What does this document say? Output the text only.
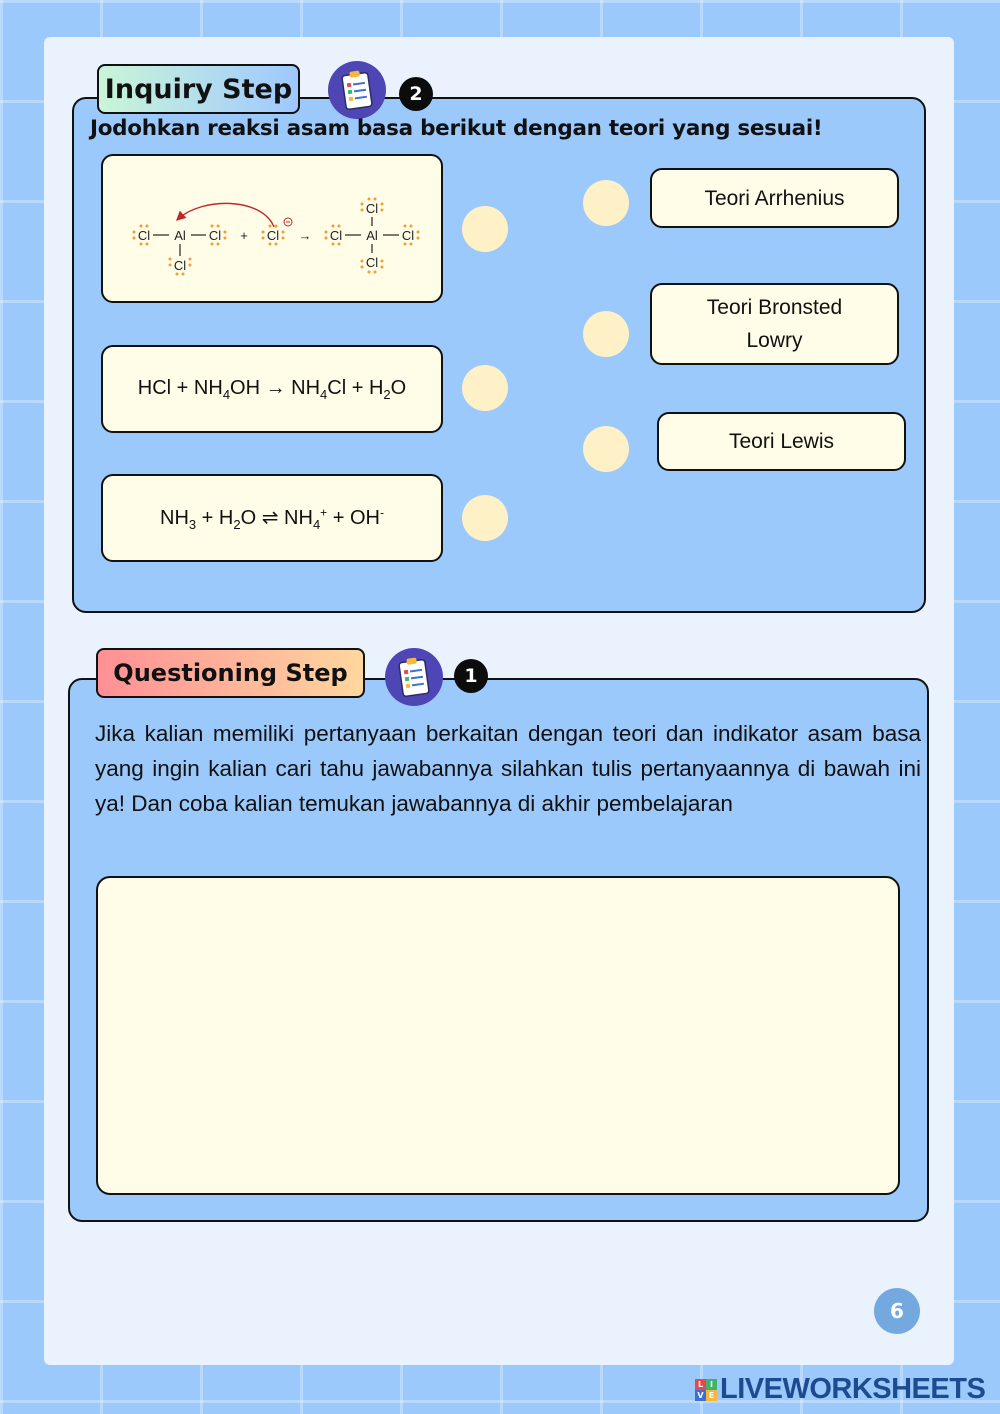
Inquiry Step	2

Jodohkan reaksi asam basa berikut dengan teori yang sesuai!

Cl Al Cl
Cl
+ Cl → Cl Al Cl
Cl
Cl
HCl + $NH_4OH \to NH_4Cl + H_2O$
$NH_3 + H_2O$ ⇌ $NH_4^+ + OH^-$
Teori Arrhenius
Teori Bronsted Lowry
Teori Lewis
Questioning Step	1

Jika kalian memiliki pertanyaan berkaitan dengan teori dan indikator asam basa yang ingin kalian cari tahu jawabannya silahkan tulis pertanyaannya di bawah ini ya! Dan coba kalian temukan jawabannya di akhir pembelajaran

6
L I
V E LIVEWORKSHEETS
